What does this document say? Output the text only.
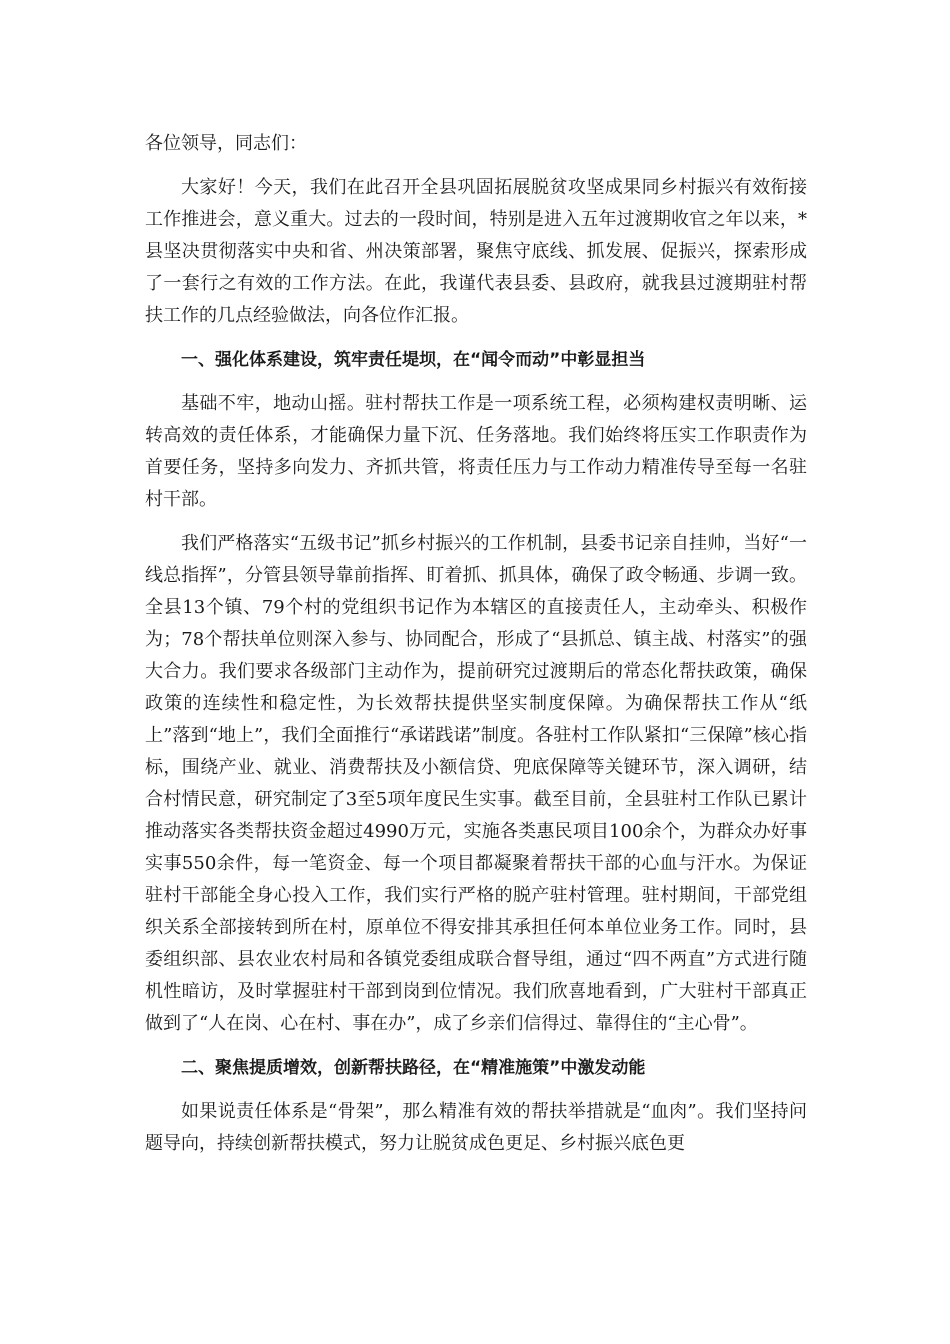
各位领导，同志们：

大家好！今天，我们在此召开全县巩固拓展脱贫攻坚成果同乡村振兴有效衔接工作推进会，意义重大。过去的一段时间，特别是进入五年过渡期收官之年以来，*县坚决贯彻落实中央和省、州决策部署，聚焦守底线、抓发展、促振兴，探索形成了一套行之有效的工作方法。在此，我谨代表县委、县政府，就我县过渡期驻村帮扶工作的几点经验做法，向各位作汇报。

一、强化体系建设，筑牢责任堤坝，在“闻令而动”中彰显担当

基础不牢，地动山摇。驻村帮扶工作是一项系统工程，必须构建权责明晰、运转高效的责任体系，才能确保力量下沉、任务落地。我们始终将压实工作职责作为首要任务，坚持多向发力、齐抓共管，将责任压力与工作动力精准传导至每一名驻村干部。

我们严格落实“五级书记”抓乡村振兴的工作机制，县委书记亲自挂帅，当好“一线总指挥”，分管县领导靠前指挥、盯着抓、抓具体，确保了政令畅通、步调一致。全县13个镇、79个村的党组织书记作为本辖区的直接责任人，主动牵头、积极作为；78个帮扶单位则深入参与、协同配合，形成了“县抓总、镇主战、村落实”的强大合力。我们要求各级部门主动作为，提前研究过渡期后的常态化帮扶政策，确保政策的连续性和稳定性，为长效帮扶提供坚实制度保障。为确保帮扶工作从“纸上”落到“地上”，我们全面推行“承诺践诺”制度。各驻村工作队紧扣“三保障”核心指标，围绕产业、就业、消费帮扶及小额信贷、兜底保障等关键环节，深入调研，结合村情民意，研究制定了3至5项年度民生实事。截至目前，全县驻村工作队已累计推动落实各类帮扶资金超过4990万元，实施各类惠民项目100余个，为群众办好事实事550余件，每一笔资金、每一个项目都凝聚着帮扶干部的心血与汗水。为保证驻村干部能全身心投入工作，我们实行严格的脱产驻村管理。驻村期间，干部党组织关系全部接转到所在村，原单位不得安排其承担任何本单位业务工作。同时，县委组织部、县农业农村局和各镇党委组成联合督导组，通过“四不两直”方式进行随机性暗访，及时掌握驻村干部到岗到位情况。我们欣喜地看到，广大驻村干部真正做到了“人在岗、心在村、事在办”，成了乡亲们信得过、靠得住的“主心骨”。

二、聚焦提质增效，创新帮扶路径，在“精准施策”中激发动能

如果说责任体系是“骨架”，那么精准有效的帮扶举措就是“血肉”。我们坚持问题导向，持续创新帮扶模式，努力让脱贫成色更足、乡村振兴底色更
